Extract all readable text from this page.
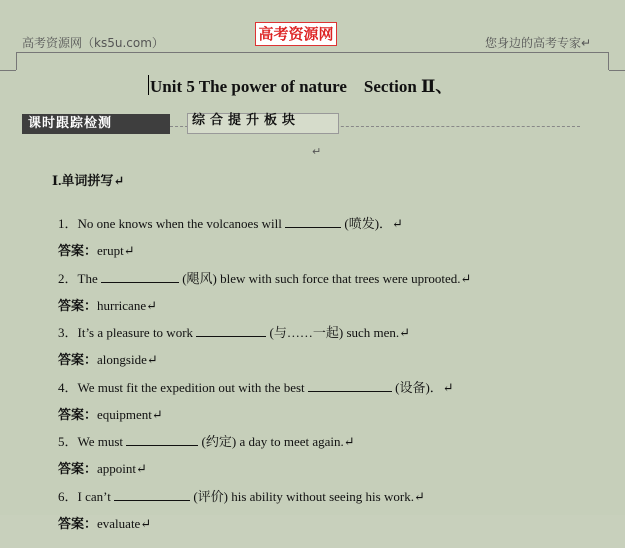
高考资源网（ks5u.com）	高考资源网	您身边的高考专家↵
Unit 5 The power of nature    Section Ⅱ、
课时跟踪检测	综合提升板块
Ⅰ.单词拼写↵

1．No one knows when the volcanoes will	(喷发)．↵

答案：erupt↵

2．The	(飓风) blew with such force that trees were uprooted.↵

答案：hurricane↵

3．It’s a pleasure to work	(与……一起) such men.↵

答案：alongside↵

4．We must fit the expedition out with the best	(设备)．↵

答案：equipment↵

5．We must	(约定) a day to meet again.↵

答案：appoint↵

6．I can’t	(评价) his ability without seeing his work.↵

答案：evaluate↵

↵
